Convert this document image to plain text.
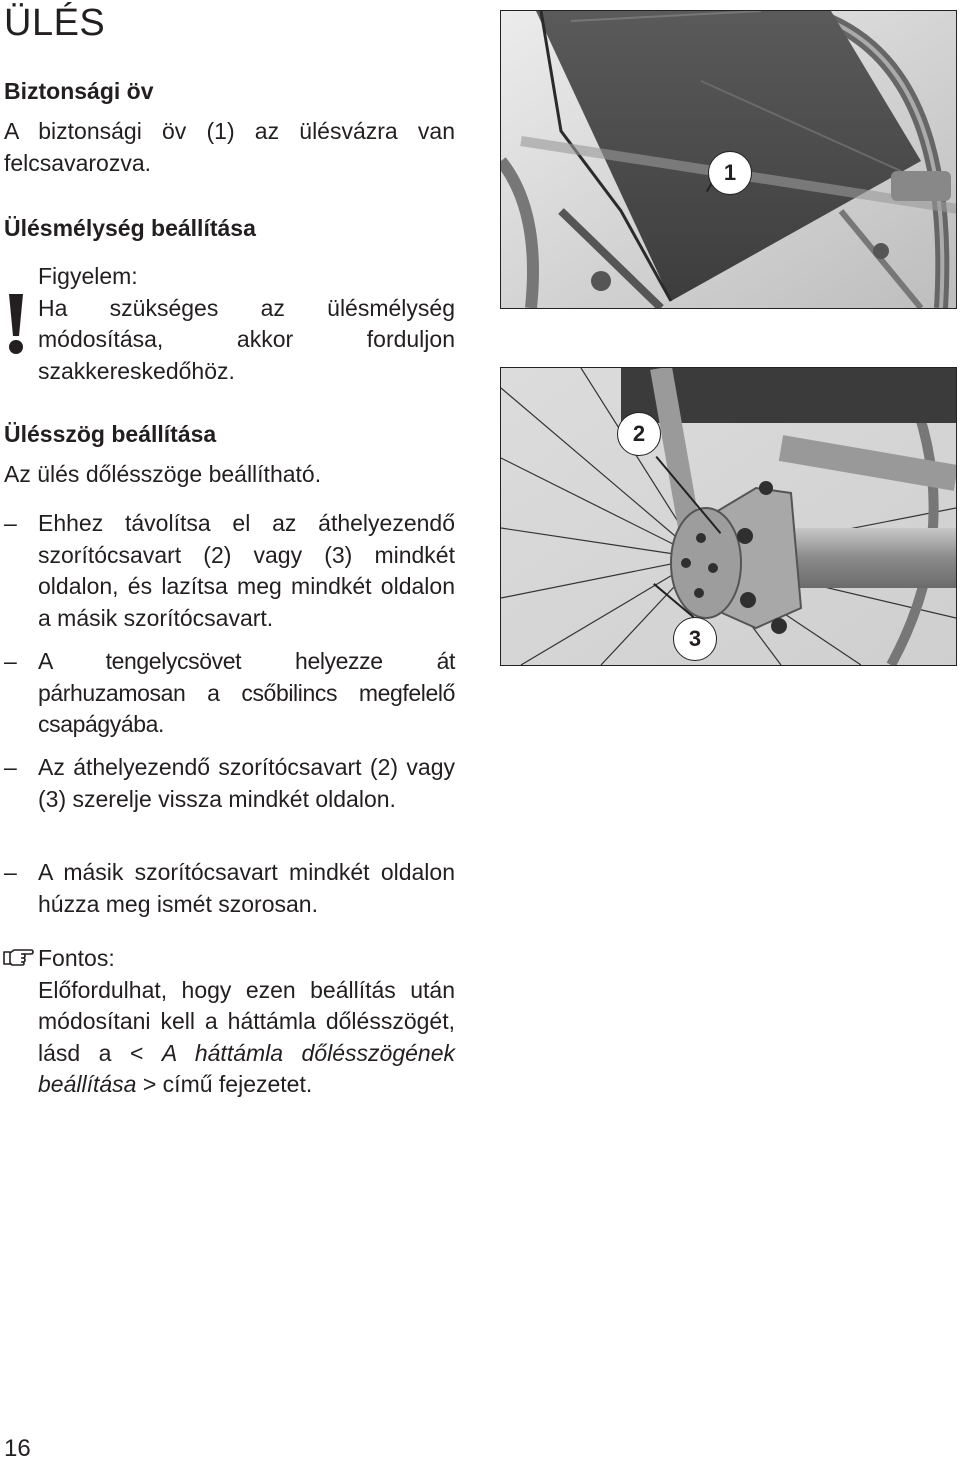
ÜLÉS

Biztonsági öv

A biztonsági öv (1) az ülésvázra van felcsavarozva.

Ülésmélység beállítása

Figyelem:

Ha szükséges az ülésmélység módosítása, akkor forduljon szakkereskedőhöz.

Ülésszög beállítása

Az ülés dőlésszöge beállítható.

– Ehhez távolítsa el az áthelyezendő szorítócsavart (2) vagy (3) mindkét oldalon, és lazítsa meg mindkét oldalon a másik szorítócsavart.
– A tengelycsövet helyezze át párhuzamosan a csőbilincs megfelelő csapágyába.
– Az áthelyezendő szorítócsavart (2) vagy (3) szerelje vissza mindkét oldalon.
– A másik szorítócsavart mindkét oldalon húzza meg ismét szorosan.

Fontos:

Előfordulhat, hogy ezen beállítás után módosítani kell a háttámla dőlésszögét, lásd a < A háttámla dőlésszögének beállítása > című fejezetet.

16
1
2
3
